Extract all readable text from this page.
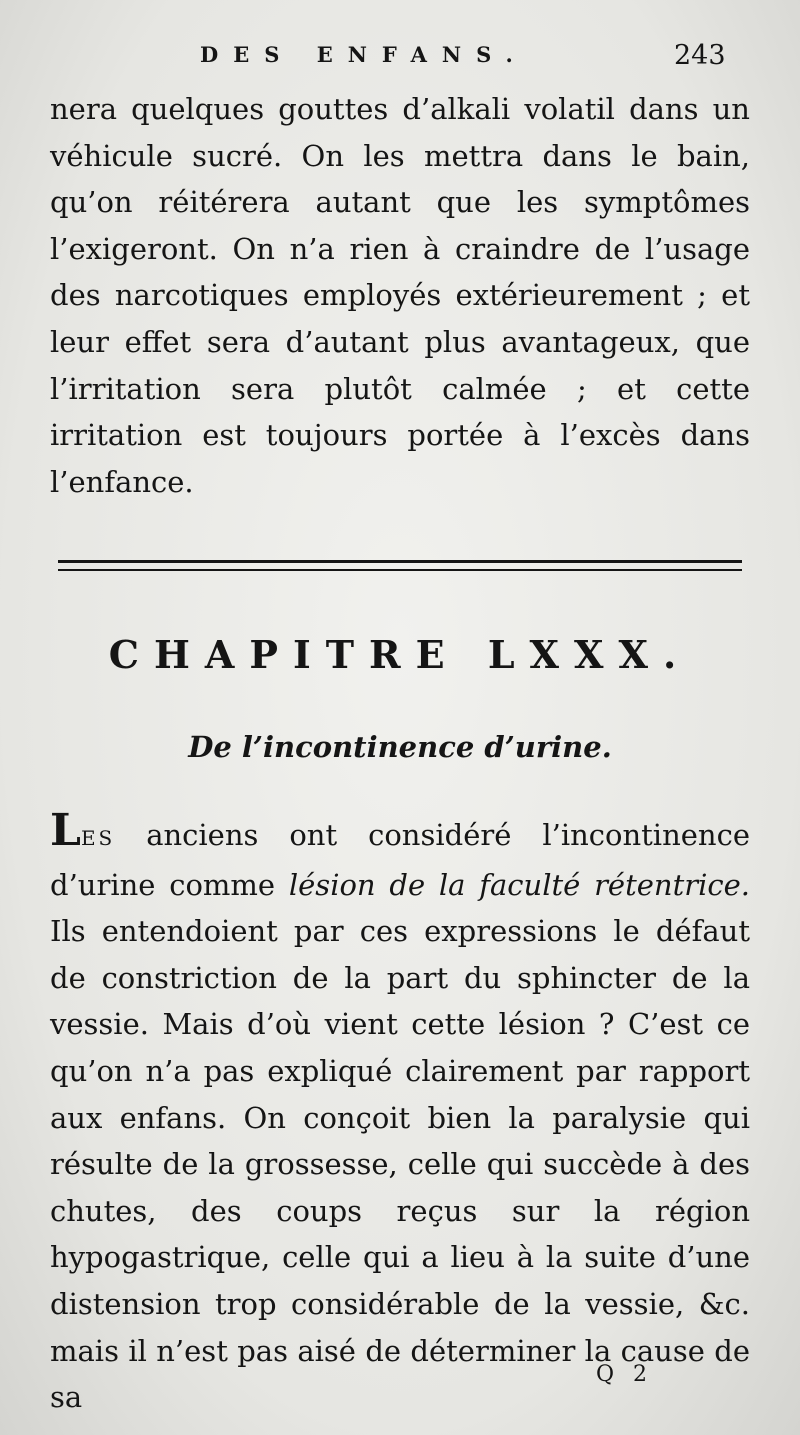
DES ENFANS.	243

nera quelques gouttes d’alkali volatil dans un véhicule sucré. On les mettra dans le bain, qu’on réitérera autant que les symptômes l’exigeront. On n’a rien à craindre de l’usage des narcotiques employés extérieurement ; et leur effet sera d’autant plus avantageux, que l’irritation sera plutôt calmée ; et cette irritation est toujours portée à l’excès dans l’enfance.

CHAPITRE LXXX.
De l’incontinence d’urine.

LES anciens ont considéré l’incontinence d’urine comme lésion de la faculté rétentrice. Ils entendoient par ces expressions le défaut de constriction de la part du sphincter de la vessie. Mais d’où vient cette lésion ? C’est ce qu’on n’a pas expliqué clairement par rapport aux enfans. On conçoit bien la paralysie qui résulte de la grossesse, celle qui succède à des chutes, des coups reçus sur la région hypogastrique, celle qui a lieu à la suite d’une distension trop considérable de la vessie, &c. mais il n’est pas aisé de déterminer la cause de sa

Q 2
